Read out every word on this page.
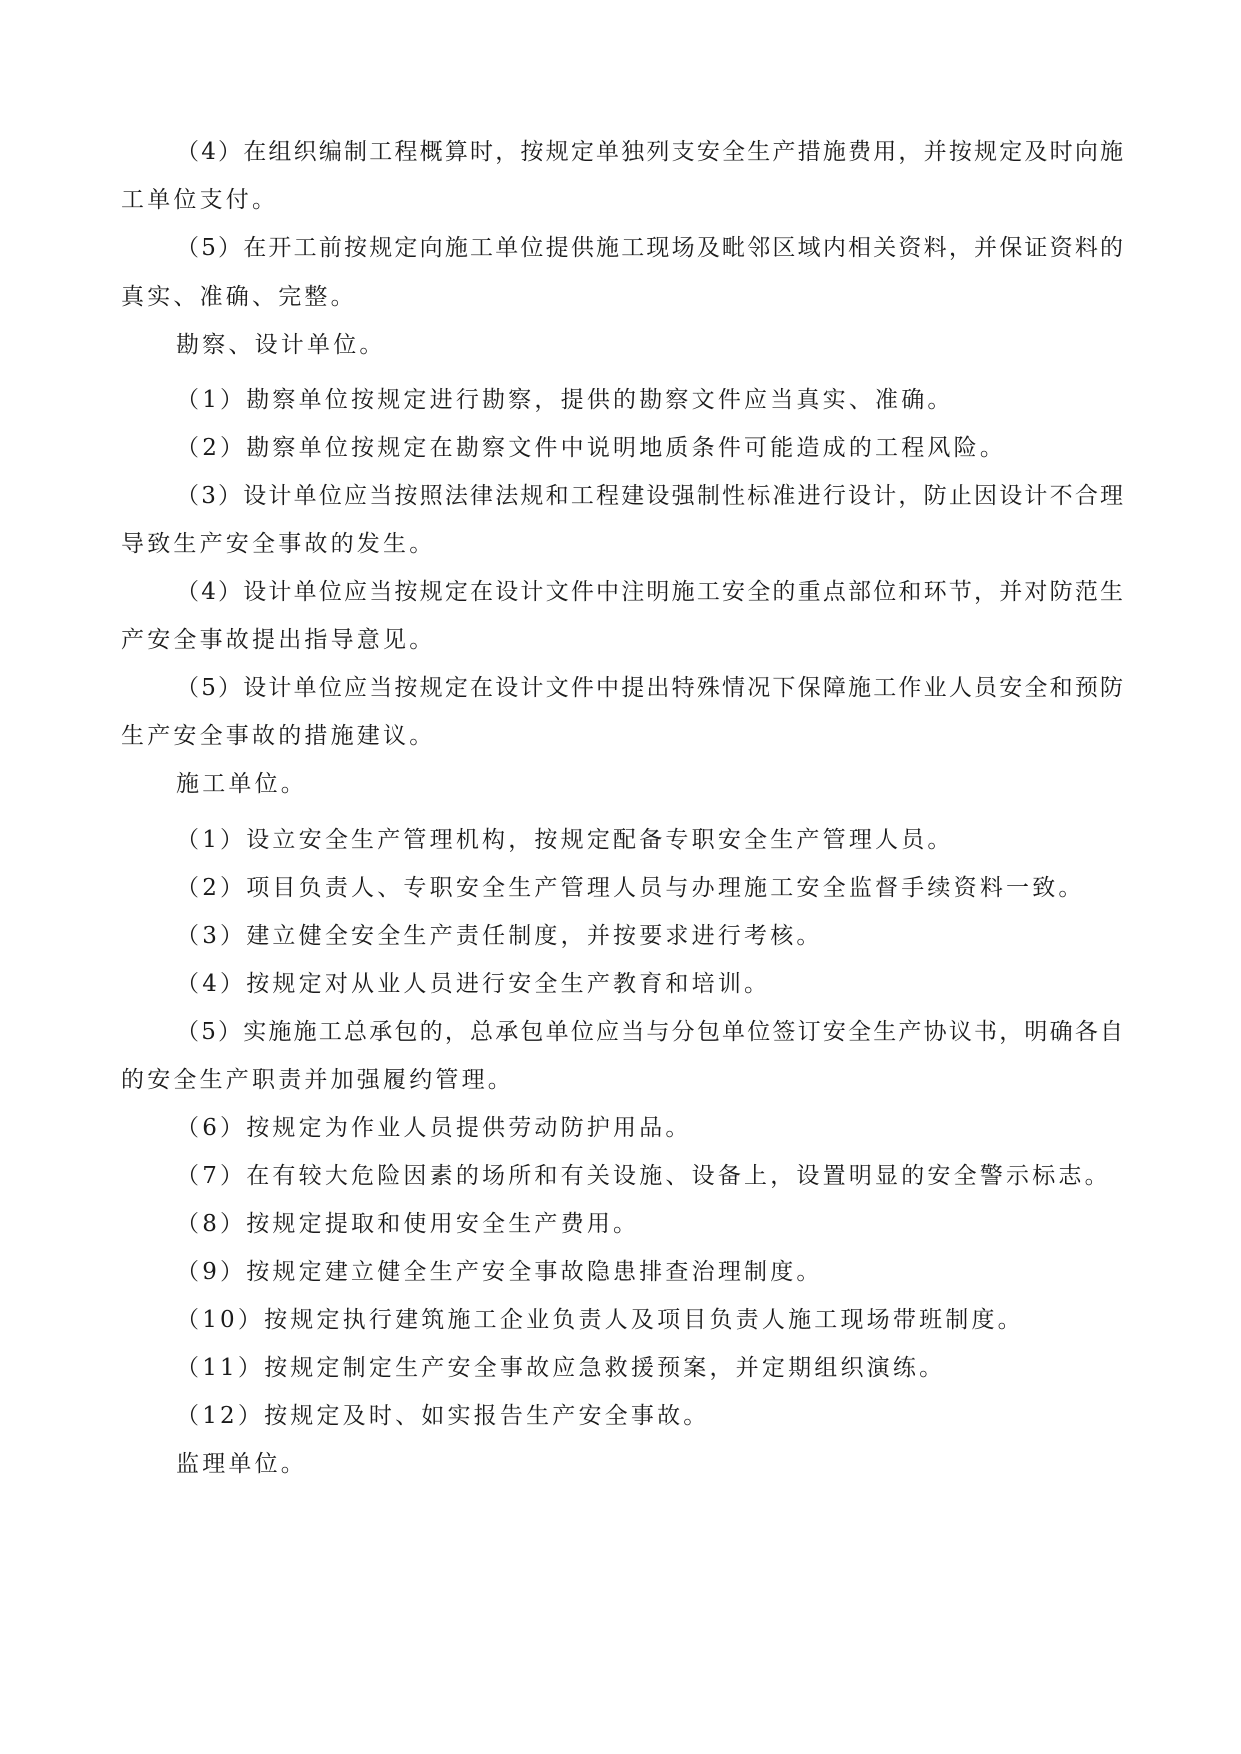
（4）在组织编制工程概算时，按规定单独列支安全生产措施费用，并按规定及时向施
工单位支付。
（5）在开工前按规定向施工单位提供施工现场及毗邻区域内相关资料，并保证资料的
真实、准确、完整。
勘察、设计单位。
（1）勘察单位按规定进行勘察，提供的勘察文件应当真实、准确。
（2）勘察单位按规定在勘察文件中说明地质条件可能造成的工程风险。
（3）设计单位应当按照法律法规和工程建设强制性标准进行设计，防止因设计不合理
导致生产安全事故的发生。
（4）设计单位应当按规定在设计文件中注明施工安全的重点部位和环节，并对防范生
产安全事故提出指导意见。
（5）设计单位应当按规定在设计文件中提出特殊情况下保障施工作业人员安全和预防
生产安全事故的措施建议。
施工单位。
（1）设立安全生产管理机构，按规定配备专职安全生产管理人员。
（2）项目负责人、专职安全生产管理人员与办理施工安全监督手续资料一致。
（3）建立健全安全生产责任制度，并按要求进行考核。
（4）按规定对从业人员进行安全生产教育和培训。
（5）实施施工总承包的，总承包单位应当与分包单位签订安全生产协议书，明确各自
的安全生产职责并加强履约管理。
（6）按规定为作业人员提供劳动防护用品。
（7）在有较大危险因素的场所和有关设施、设备上，设置明显的安全警示标志。
（8）按规定提取和使用安全生产费用。
（9）按规定建立健全生产安全事故隐患排查治理制度。
（10）按规定执行建筑施工企业负责人及项目负责人施工现场带班制度。
（11）按规定制定生产安全事故应急救援预案，并定期组织演练。
（12）按规定及时、如实报告生产安全事故。
监理单位。
